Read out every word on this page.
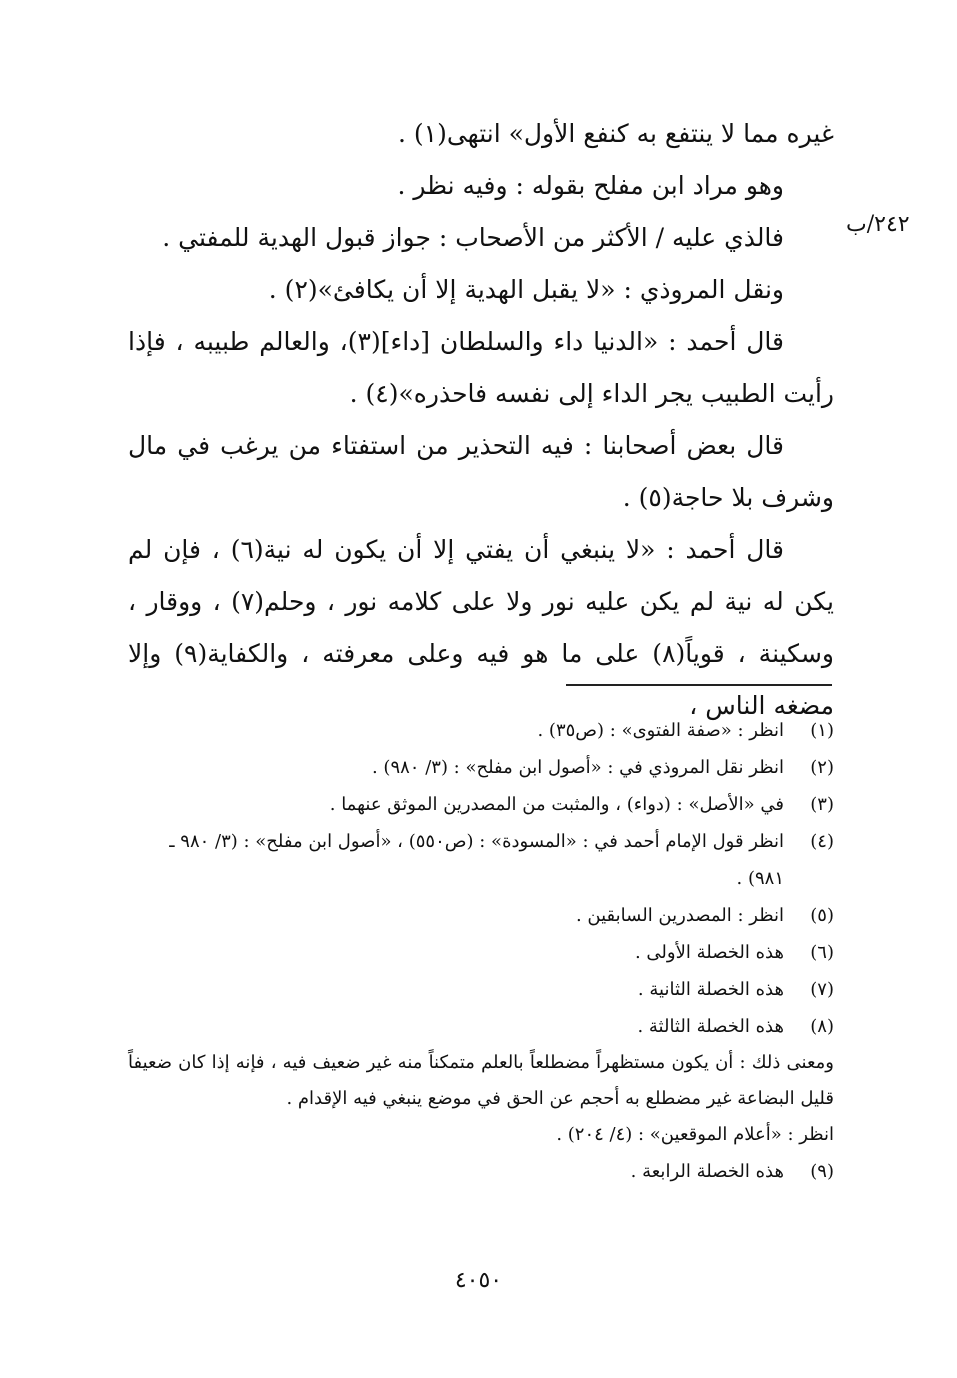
٢٤٢/ب

غيره مما لا ينتفع به كنفع الأول» انتهى(١) .

وهو مراد ابن مفلح بقوله : وفيه نظر .

فالذي عليه / الأكثر من الأصحاب : جواز قبول الهدية للمفتي .

ونقل المروذي : «لا يقبل الهدية إلا أن يكافئ»(٢) .

قال أحمد : «الدنيا داء والسلطان [داء](٣)، والعالم طبيبه ، فإذا رأيت الطبيب يجر الداء إلى نفسه فاحذره»(٤) .

قال بعض أصحابنا : فيه التحذير من استفتاء من يرغب في مال وشرف بلا حاجة(٥) .

قال أحمد : «لا ينبغي أن يفتي إلا أن يكون له نية(٦) ، فإن لم يكن له نية لم يكن عليه نور ولا على كلامه نور ، وحلم(٧) ، ووقار ، وسكينة ، قوياً(٨) على ما هو فيه وعلى معرفته ، والكفاية(٩) وإلا مضغه الناس ،

(١)
انظر : «صفة الفتوى» : (ص٣٥) .
(٢)
انظر نقل المروذي في : «أصول ابن مفلح» : (٣/ ٩٨٠) .
(٣)
في «الأصل» : (دواء) ، والمثبت من المصدرين الموثق عنهما .
(٤)
انظر قول الإمام أحمد في : «المسودة» : (ص٥٥٠) ، «أصول ابن مفلح» : (٣/ ٩٨٠ ـ ٩٨١) .
(٥)
انظر : المصدرين السابقين .
(٦)
هذه الخصلة الأولى .
(٧)
هذه الخصلة الثانية .
(٨)
هذه الخصلة الثالثة .

ومعنى ذلك : أن يكون مستظهراً مضطلعاً بالعلم متمكناً منه غير ضعيف فيه ، فإنه إذا كان ضعيفاً قليل البضاعة غير مضطلع به أحجم عن الحق في موضع ينبغي فيه الإقدام .

انظر : «أعلام الموقعين» : (٤/ ٢٠٤) .

(٩)
هذه الخصلة الرابعة .
٤٠٥٠
